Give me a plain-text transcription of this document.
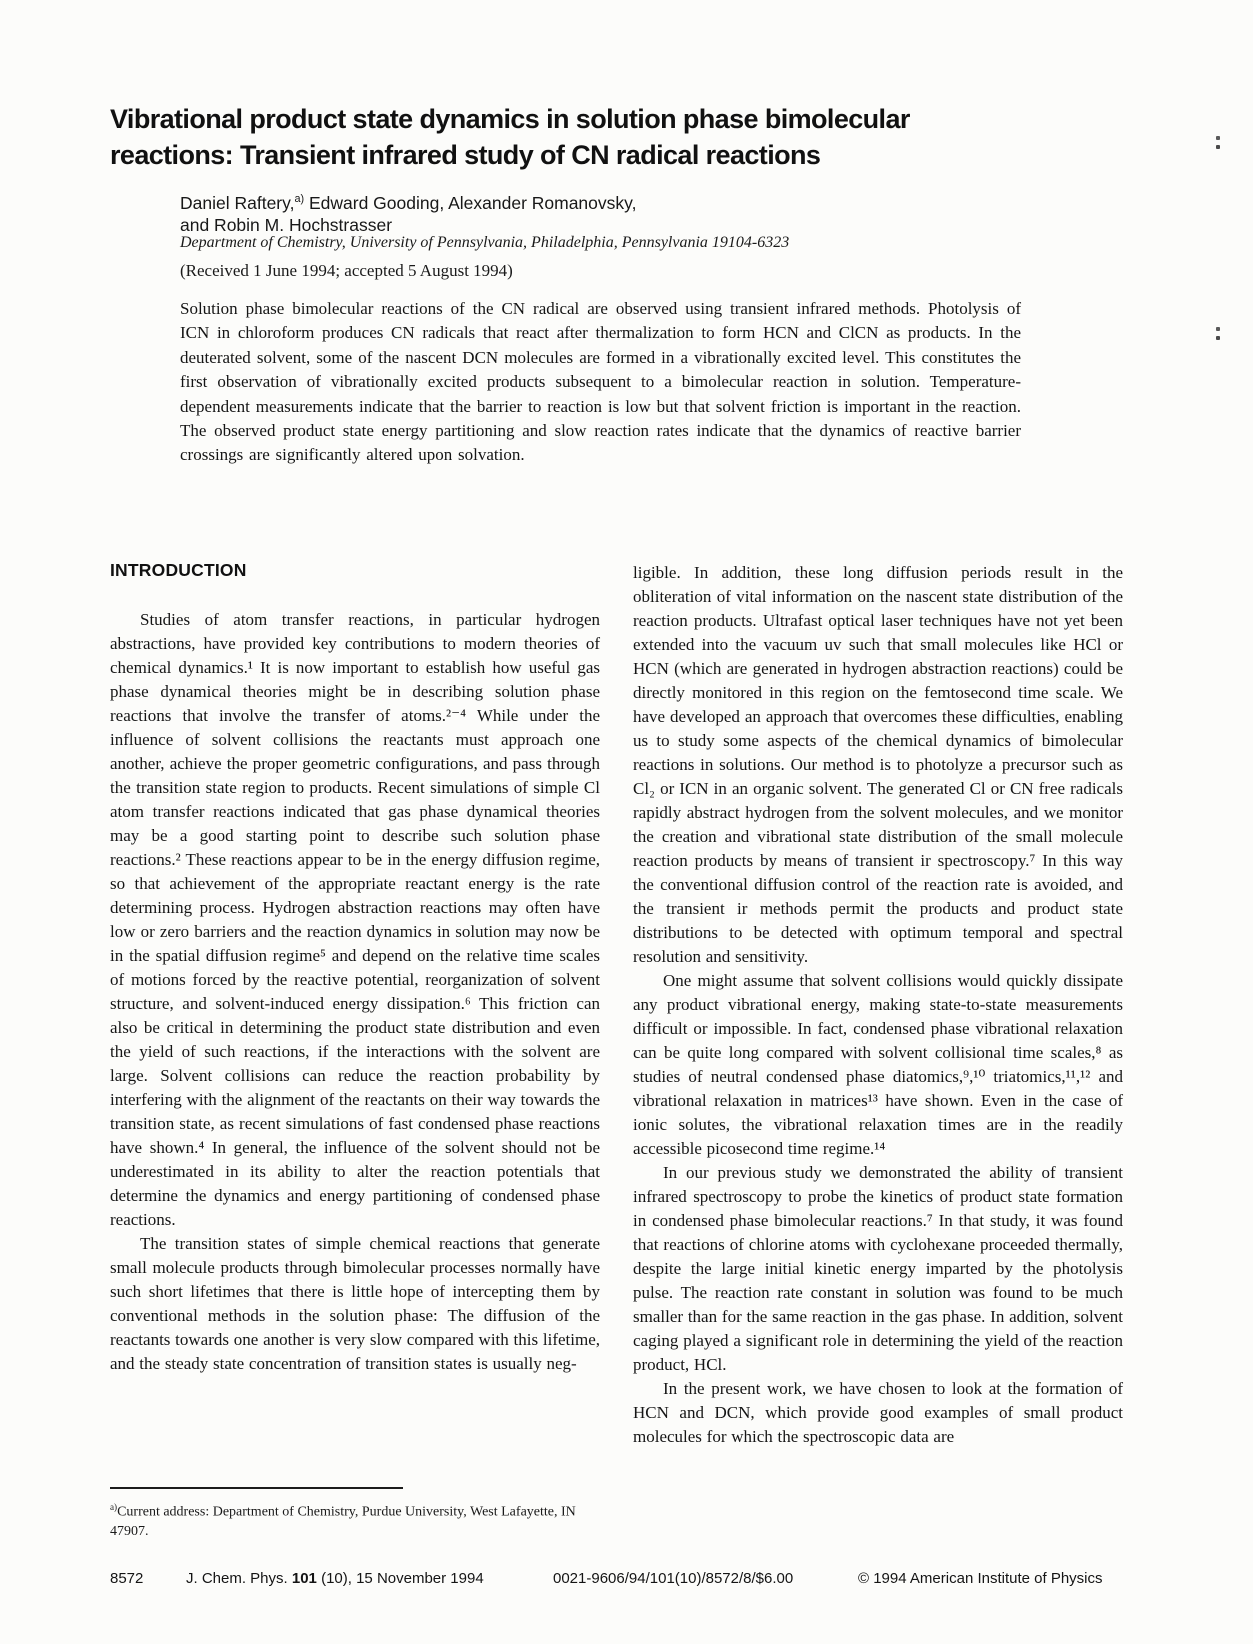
Vibrational product state dynamics in solution phase bimolecular
reactions: Transient infrared study of CN radical reactions
Daniel Raftery,$^{a)}$ Edward Gooding, Alexander Romanovsky,
and Robin M. Hochstrasser
Department of Chemistry, University of Pennsylvania, Philadelphia, Pennsylvania 19104-6323
(Received 1 June 1994; accepted 5 August 1994)
Solution phase bimolecular reactions of the CN radical are observed using transient infrared methods. Photolysis of ICN in chloroform produces CN radicals that react after thermalization to form HCN and ClCN as products. In the deuterated solvent, some of the nascent DCN molecules are formed in a vibrationally excited level. This constitutes the first observation of vibrationally excited products subsequent to a bimolecular reaction in solution. Temperature-dependent measurements indicate that the barrier to reaction is low but that solvent friction is important in the reaction. The observed product state energy partitioning and slow reaction rates indicate that the dynamics of reactive barrier crossings are significantly altered upon solvation.
INTRODUCTION

Studies of atom transfer reactions, in particular hydrogen abstractions, have provided key contributions to modern theories of chemical dynamics.¹ It is now important to establish how useful gas phase dynamical theories might be in describing solution phase reactions that involve the transfer of atoms.²⁻⁴ While under the influence of solvent collisions the reactants must approach one another, achieve the proper geometric configurations, and pass through the transition state region to products. Recent simulations of simple Cl atom transfer reactions indicated that gas phase dynamical theories may be a good starting point to describe such solution phase reactions.² These reactions appear to be in the energy diffusion regime, so that achievement of the appropriate reactant energy is the rate determining process. Hydrogen abstraction reactions may often have low or zero barriers and the reaction dynamics in solution may now be in the spatial diffusion regime⁵ and depend on the relative time scales of motions forced by the reactive potential, reorganization of solvent structure, and solvent-induced energy dissipation.⁶ This friction can also be critical in determining the product state distribution and even the yield of such reactions, if the interactions with the solvent are large. Solvent collisions can reduce the reaction probability by interfering with the alignment of the reactants on their way towards the transition state, as recent simulations of fast condensed phase reactions have shown.⁴ In general, the influence of the solvent should not be underestimated in its ability to alter the reaction potentials that determine the dynamics and energy partitioning of condensed phase reactions.

The transition states of simple chemical reactions that generate small molecule products through bimolecular processes normally have such short lifetimes that there is little hope of intercepting them by conventional methods in the solution phase: The diffusion of the reactants towards one another is very slow compared with this lifetime, and the steady state concentration of transition states is usually neg-

ligible. In addition, these long diffusion periods result in the obliteration of vital information on the nascent state distribution of the reaction products. Ultrafast optical laser techniques have not yet been extended into the vacuum uv such that small molecules like HCl or HCN (which are generated in hydrogen abstraction reactions) could be directly monitored in this region on the femtosecond time scale. We have developed an approach that overcomes these difficulties, enabling us to study some aspects of the chemical dynamics of bimolecular reactions in solutions. Our method is to photolyze a precursor such as Cl₂ or ICN in an organic solvent. The generated Cl or CN free radicals rapidly abstract hydrogen from the solvent molecules, and we monitor the creation and vibrational state distribution of the small molecule reaction products by means of transient ir spectroscopy.⁷ In this way the conventional diffusion control of the reaction rate is avoided, and the transient ir methods permit the products and product state distributions to be detected with optimum temporal and spectral resolution and sensitivity.

One might assume that solvent collisions would quickly dissipate any product vibrational energy, making state-to-state measurements difficult or impossible. In fact, condensed phase vibrational relaxation can be quite long compared with solvent collisional time scales,⁸ as studies of neutral condensed phase diatomics,⁹,¹⁰ triatomics,¹¹,¹² and vibrational relaxation in matrices¹³ have shown. Even in the case of ionic solutes, the vibrational relaxation times are in the readily accessible picosecond time regime.¹⁴

In our previous study we demonstrated the ability of transient infrared spectroscopy to probe the kinetics of product state formation in condensed phase bimolecular reactions.⁷ In that study, it was found that reactions of chlorine atoms with cyclohexane proceeded thermally, despite the large initial kinetic energy imparted by the photolysis pulse. The reaction rate constant in solution was found to be much smaller than for the same reaction in the gas phase. In addition, solvent caging played a significant role in determining the yield of the reaction product, HCl.

In the present work, we have chosen to look at the formation of HCN and DCN, which provide good examples of small product molecules for which the spectroscopic data are

$^{a)}$Current address: Department of Chemistry, Purdue University, West Lafayette, IN 47907.

8572	J. Chem. Phys. 101 (10), 15 November 1994	0021-9606/94/101(10)/8572/8/$6.00	© 1994 American Institute of Physics
